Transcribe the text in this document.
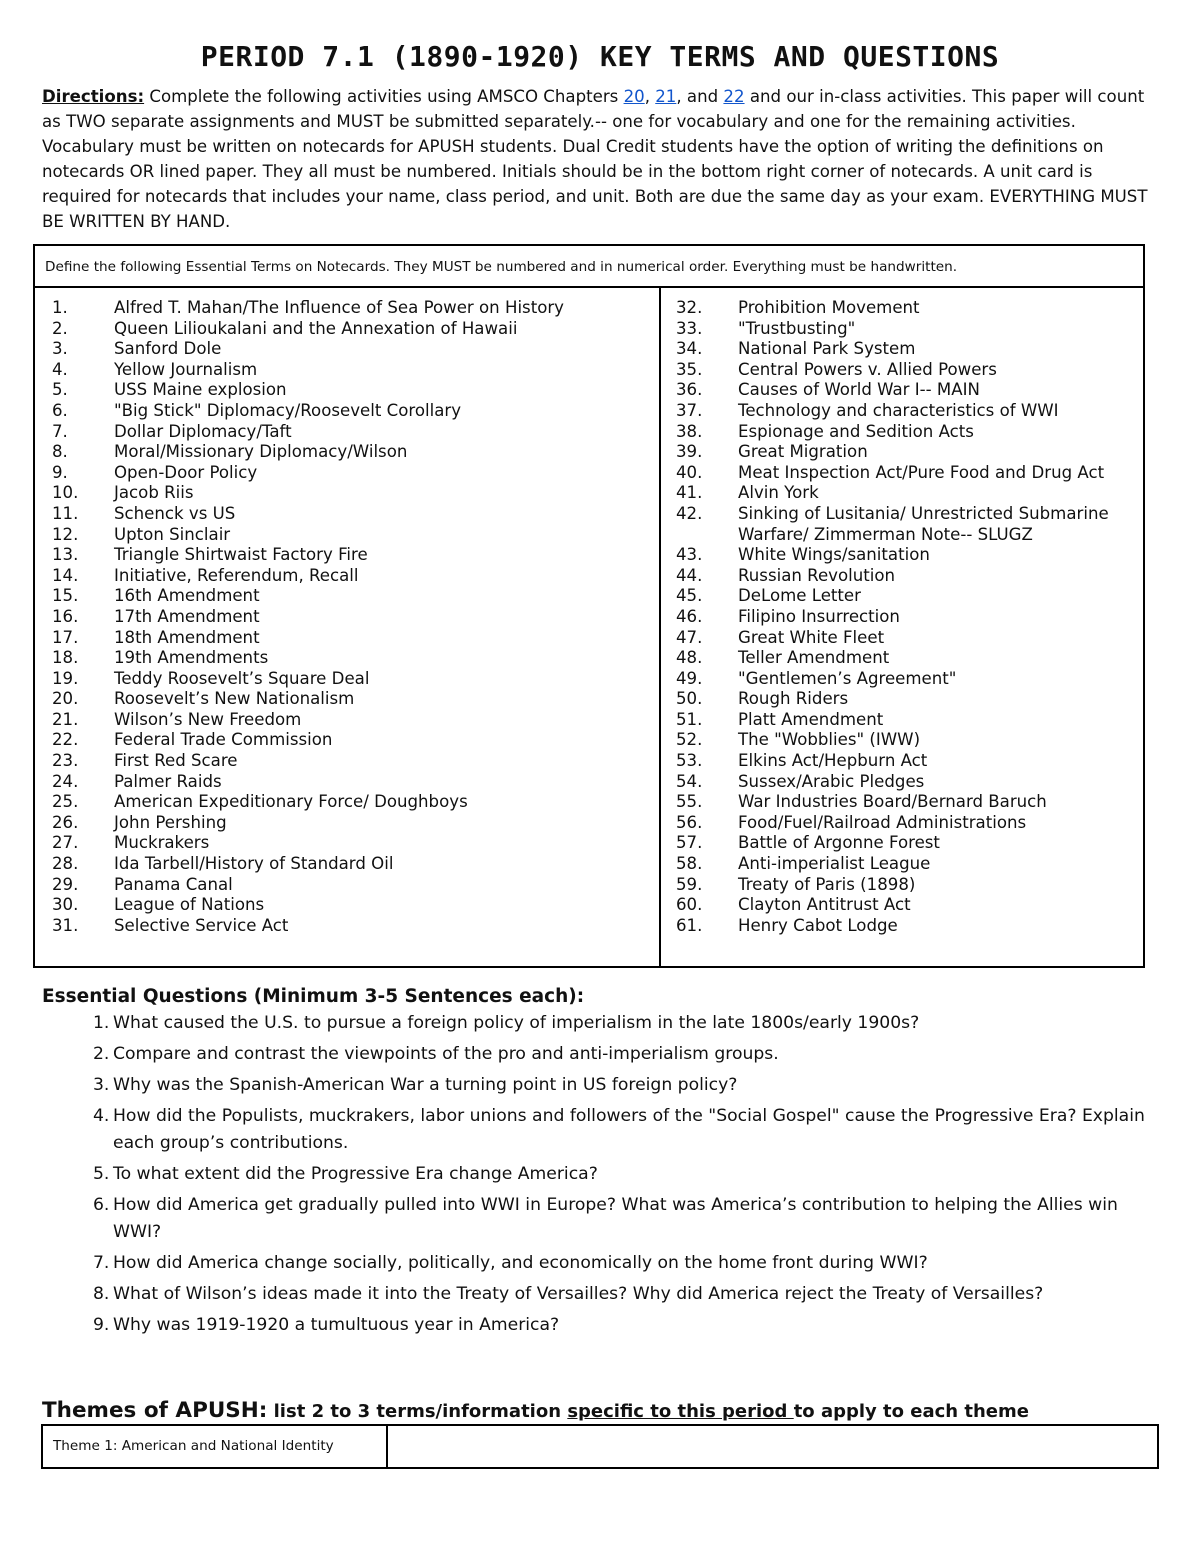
PERIOD 7.1 (1890-1920) KEY TERMS AND QUESTIONS
Directions: Complete the following activities using AMSCO Chapters 20, 21, and 22 and our in-class activities. This paper will count as TWO separate assignments and MUST be submitted separately.-- one for vocabulary and one for the remaining activities. Vocabulary must be written on notecards for APUSH students. Dual Credit students have the option of writing the definitions on notecards OR lined paper. They all must be numbered. Initials should be in the bottom right corner of notecards. A unit card is required for notecards that includes your name, class period, and unit. Both are due the same day as your exam. EVERYTHING MUST BE WRITTEN BY HAND.
Define the following Essential Terms on Notecards. They MUST be numbered and in numerical order. Everything must be handwritten.
1.	Alfred T. Mahan/The Influence of Sea Power on History
2.	Queen Lilioukalani and the Annexation of Hawaii
3.	Sanford Dole
4.	Yellow Journalism
5.	USS Maine explosion
6.	"Big Stick" Diplomacy/Roosevelt Corollary
7.	Dollar Diplomacy/Taft
8.	Moral/Missionary Diplomacy/Wilson
9.	Open-Door Policy
10.	Jacob Riis
11.	Schenck vs US
12.	Upton Sinclair
13.	Triangle Shirtwaist Factory Fire
14.	Initiative, Referendum, Recall
15.	16th Amendment
16.	17th Amendment
17.	18th Amendment
18.	19th Amendments
19.	Teddy Roosevelt’s Square Deal
20.	Roosevelt’s New Nationalism
21.	Wilson’s New Freedom
22.	Federal Trade Commission
23.	First Red Scare
24.	Palmer Raids
25.	American Expeditionary Force/ Doughboys
26.	John Pershing
27.	Muckrakers
28.	Ida Tarbell/History of Standard Oil
29.	Panama Canal
30.	League of Nations
31.	Selective Service Act
32.	Prohibition Movement
33.	"Trustbusting"
34.	National Park System
35.	Central Powers v. Allied Powers
36.	Causes of World War I-- MAIN
37.	Technology and characteristics of WWI
38.	Espionage and Sedition Acts
39.	Great Migration
40.	Meat Inspection Act/Pure Food and Drug Act
41.	Alvin York
42.	Sinking of Lusitania/ Unrestricted Submarine Warfare/ Zimmerman Note-- SLUGZ
43.	White Wings/sanitation
44.	Russian Revolution
45.	DeLome Letter
46.	Filipino Insurrection
47.	Great White Fleet
48.	Teller Amendment
49.	"Gentlemen’s Agreement"
50.	Rough Riders
51.	Platt Amendment
52.	The "Wobblies" (IWW)
53.	Elkins Act/Hepburn Act
54.	Sussex/Arabic Pledges
55.	War Industries Board/Bernard Baruch
56.	Food/Fuel/Railroad Administrations
57.	Battle of Argonne Forest
58.	Anti-imperialist League
59.	Treaty of Paris (1898)
60.	Clayton Antitrust Act
61.	Henry Cabot Lodge
Essential Questions (Minimum 3-5 Sentences each):
1. What caused the U.S. to pursue a foreign policy of imperialism in the late 1800s/early 1900s?
2. Compare and contrast the viewpoints of the pro and anti-imperialism groups.
3. Why was the Spanish-American War a turning point in US foreign policy?
4. How did the Populists, muckrakers, labor unions and followers of the "Social Gospel" cause the Progressive Era? Explain each group’s contributions.
5. To what extent did the Progressive Era change America?
6. How did America get gradually pulled into WWI in Europe? What was America’s contribution to helping the Allies win WWI?
7. How did America change socially, politically, and economically on the home front during WWI?
8. What of Wilson’s ideas made it into the Treaty of Versailles? Why did America reject the Treaty of Versailles?
9. Why was 1919-1920 a tumultuous year in America?
Themes of APUSH: list 2 to 3 terms/information specific to this period to apply to each theme
Theme 1: American and National Identity
